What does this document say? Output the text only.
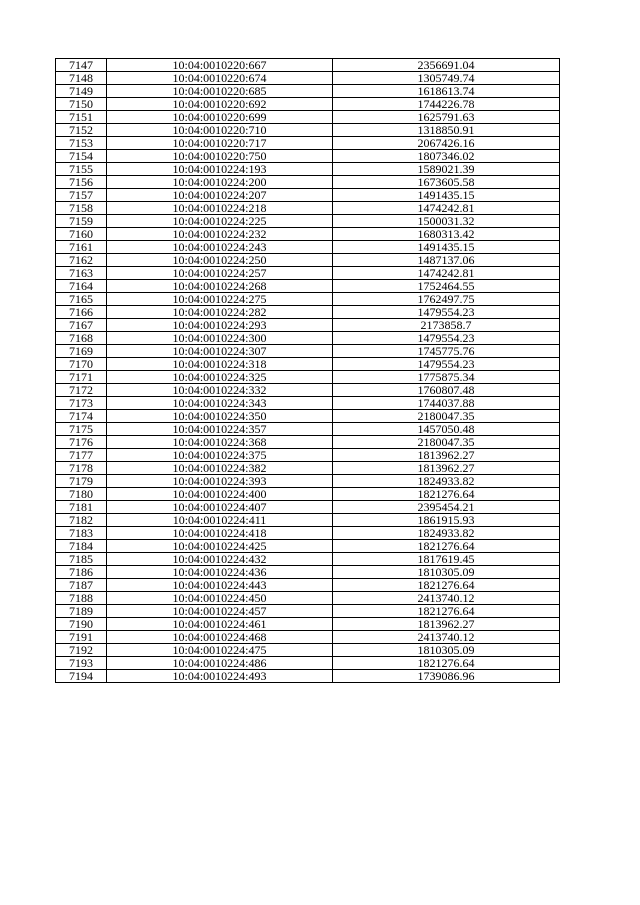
7147	10:04:0010220:667	2356691.04
7148	10:04:0010220:674	1305749.74
7149	10:04:0010220:685	1618613.74
7150	10:04:0010220:692	1744226.78
7151	10:04:0010220:699	1625791.63
7152	10:04:0010220:710	1318850.91
7153	10:04:0010220:717	2067426.16
7154	10:04:0010220:750	1807346.02
7155	10:04:0010224:193	1589021.39
7156	10:04:0010224:200	1673605.58
7157	10:04:0010224:207	1491435.15
7158	10:04:0010224:218	1474242.81
7159	10:04:0010224:225	1500031.32
7160	10:04:0010224:232	1680313.42
7161	10:04:0010224:243	1491435.15
7162	10:04:0010224:250	1487137.06
7163	10:04:0010224:257	1474242.81
7164	10:04:0010224:268	1752464.55
7165	10:04:0010224:275	1762497.75
7166	10:04:0010224:282	1479554.23
7167	10:04:0010224:293	2173858.7
7168	10:04:0010224:300	1479554.23
7169	10:04:0010224:307	1745775.76
7170	10:04:0010224:318	1479554.23
7171	10:04:0010224:325	1775875.34
7172	10:04:0010224:332	1760807.48
7173	10:04:0010224:343	1744037.88
7174	10:04:0010224:350	2180047.35
7175	10:04:0010224:357	1457050.48
7176	10:04:0010224:368	2180047.35
7177	10:04:0010224:375	1813962.27
7178	10:04:0010224:382	1813962.27
7179	10:04:0010224:393	1824933.82
7180	10:04:0010224:400	1821276.64
7181	10:04:0010224:407	2395454.21
7182	10:04:0010224:411	1861915.93
7183	10:04:0010224:418	1824933.82
7184	10:04:0010224:425	1821276.64
7185	10:04:0010224:432	1817619.45
7186	10:04:0010224:436	1810305.09
7187	10:04:0010224:443	1821276.64
7188	10:04:0010224:450	2413740.12
7189	10:04:0010224:457	1821276.64
7190	10:04:0010224:461	1813962.27
7191	10:04:0010224:468	2413740.12
7192	10:04:0010224:475	1810305.09
7193	10:04:0010224:486	1821276.64
7194	10:04:0010224:493	1739086.96
